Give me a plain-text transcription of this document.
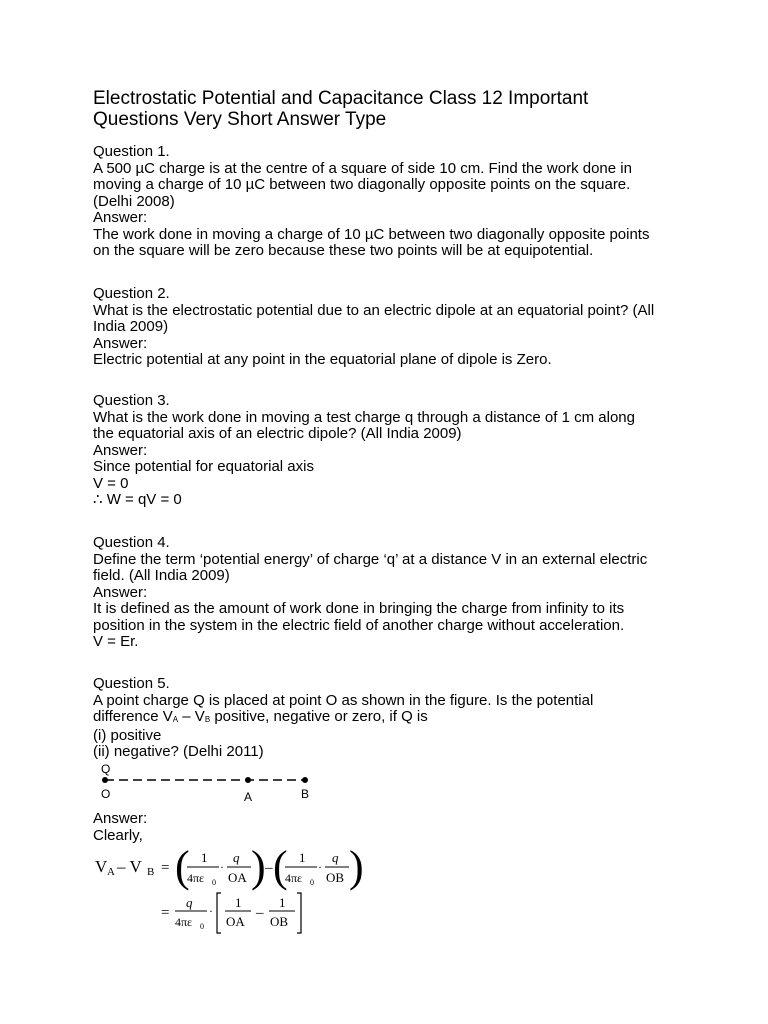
Electrostatic Potential and Capacitance Class 12 Important
Questions Very Short Answer Type
Question 1.
A 500 µC charge is at the centre of a square of side 10 cm. Find the work done in
moving a charge of 10 µC between two diagonally opposite points on the square.
(Delhi 2008)
Answer:
The work done in moving a charge of 10 µC between two diagonally opposite points
on the square will be zero because these two points will be at equipotential.
Question 2.
What is the electrostatic potential due to an electric dipole at an equatorial point? (All
India 2009)
Answer:
Electric potential at any point in the equatorial plane of dipole is Zero.
Question 3.
What is the work done in moving a test charge q through a distance of 1 cm along
the equatorial axis of an electric dipole? (All India 2009)
Answer:
Since potential for equatorial axis
V = 0
∴ W = qV = 0
Question 4.
Define the term ‘potential energy’ of charge ‘q’ at a distance V in an external electric
field. (All India 2009)
Answer:
It is defined as the amount of work done in bringing the charge from infinity to its
position in the system in the electric field of another charge without acceleration.
V = Er.
Question 5.
A point charge Q is placed at point O as shown in the figure. Is the potential
difference $V_A - V_B$ positive, negative or zero, if Q is
(i) positive
(ii) negative? (Delhi 2011)
Q
O	A	B
Answer:
Clearly,
V A – V B = ( 1
4πε 0
·
q
OA ) – ( 1
4πε 0
·
q
OB )
=
q
4πε 0
·
1
OA
–
1
OB
